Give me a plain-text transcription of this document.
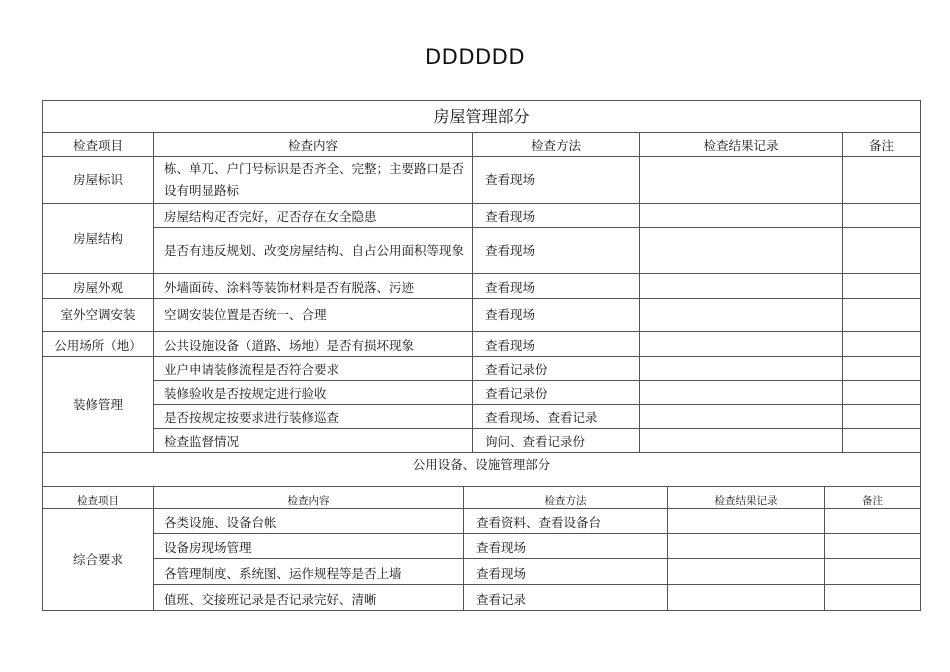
DDDDDD
房屋管理部分				
检查项目	检查内容	检查方法	检查结果记录	备注
房屋标识	栋、单兀、户门号标识是否齐全、完整；主要路口是否设有明显路标	查看现场		
房屋结构	房屋结构疋否完好，疋否存在女全隐患	查看现场		
	是否有违反规划、改变房屋结构、自占公用面积等现象	查看现场		
房屋外观	外墙面砖、涂料等装饰材料是否有脱落、污迹	查看现场		
室外空调安装	空调安装位置是否统一、合理	查看现场		
公用场所（地）	公共设施设备（道路、场地）是否有损坏现象	查看现场		
装修管理	业户申请装修流程是否符合要求	查看记录份		
	装修验收是否按规定进行验收	查看记录份		
	是否按规定按要求进行装修巡查	查看现场、查看记录		
	检查监督情况	询问、查看记录份		
公用设备、设施管理部分				
检查项目	检查内容	检查方法	检查结果记录	备注
综合要求	各类设施、设备台帐	查看资料、查看设备台		
	设备房现场管理	查看现场		
	各管理制度、系统图、运作规程等是否上墙	查看现场		
	值班、交接班记录是否记录完好、清晰	查看记录		
